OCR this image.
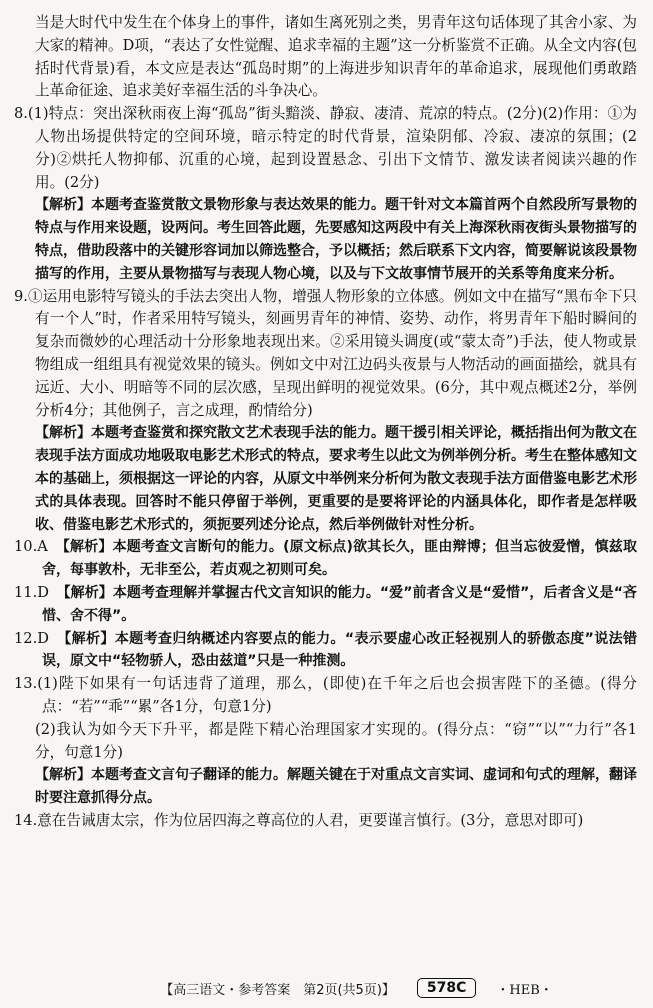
当是大时代中发生在个体身上的事件，诸如生离死别之类，男青年这句话体现了其舍小家、为大家的精神。D项，“表达了女性觉醒、追求幸福的主题”这一分析鉴赏不正确。从全文内容(包括时代背景)看，本文应是表达“孤岛时期”的上海进步知识青年的革命追求，展现他们勇敢踏上革命征途、追求美好幸福生活的斗争决心。

8.(1)特点：突出深秋雨夜上海“孤岛”街头黯淡、静寂、凄清、荒凉的特点。(2分)(2)作用：①为人物出场提供特定的空间环境，暗示特定的时代背景，渲染阴郁、冷寂、凄凉的氛围；(2分)②烘托人物抑郁、沉重的心境，起到设置悬念、引出下文情节、激发读者阅读兴趣的作用。(2分)

【解析】本题考查鉴赏散文景物形象与表达效果的能力。题干针对文本篇首两个自然段所写景物的特点与作用来设题，设两问。考生回答此题，先要感知这两段中有关上海深秋雨夜街头景物描写的特点，借助段落中的关键形容词加以筛选整合，予以概括；然后联系下文内容，简要解说该段景物描写的作用，主要从景物描写与表现人物心境，以及与下文故事情节展开的关系等角度来分析。

9.①运用电影特写镜头的手法去突出人物，增强人物形象的立体感。例如文中在描写“黑布伞下只有一个人”时，作者采用特写镜头，刻画男青年的神情、姿势、动作，将男青年下船时瞬间的复杂而微妙的心理活动十分形象地表现出来。②采用镜头调度(或“蒙太奇”)手法，使人物或景物组成一组组具有视觉效果的镜头。例如文中对江边码头夜景与人物活动的画面描绘，就具有远近、大小、明暗等不同的层次感，呈现出鲜明的视觉效果。(6分，其中观点概述2分，举例分析4分；其他例子，言之成理，酌情给分)

【解析】本题考查鉴赏和探究散文艺术表现手法的能力。题干援引相关评论，概括指出何为散文在表现手法方面成功地吸取电影艺术形式的特点，要求考生以此文为例举例分析。考生在整体感知文本的基础上，须根据这一评论的内容，从原文中举例来分析何为散文表现手法方面借鉴电影艺术形式的具体表现。回答时不能只停留于举例，更重要的是要将评论的内涵具体化，即作者是怎样吸收、借鉴电影艺术形式的，须扼要列述分论点，然后举例做针对性分析。

10.A　【解析】本题考查文言断句的能力。(原文标点)欲其长久，匪由辩博；但当忘彼爱憎，慎兹取舍，每事敦朴，无非至公，若贞观之初则可矣。

11.D　【解析】本题考查理解并掌握古代文言知识的能力。“爱”前者含义是“爱惜”，后者含义是“吝惜、舍不得”。

12.D　【解析】本题考查归纳概述内容要点的能力。“表示要虚心改正轻视别人的骄傲态度”说法错误，原文中“轻物骄人，恐由兹道”只是一种推测。

13.(1)陛下如果有一句话违背了道理，那么，(即使)在千年之后也会损害陛下的圣德。(得分点：“若”“乖”“累”各1分，句意1分)

(2)我认为如今天下升平，都是陛下精心治理国家才实现的。(得分点：“窃”“以”“力行”各1分，句意1分)

【解析】本题考查文言句子翻译的能力。解题关键在于对重点文言实词、虚词和句式的理解，翻译时要注意抓得分点。

14.意在告诫唐太宗，作为位居四海之尊高位的人君，更要谨言慎行。(3分，意思对即可)

【高三语文・参考答案　第2页(共5页)】	578C	・HEB・
